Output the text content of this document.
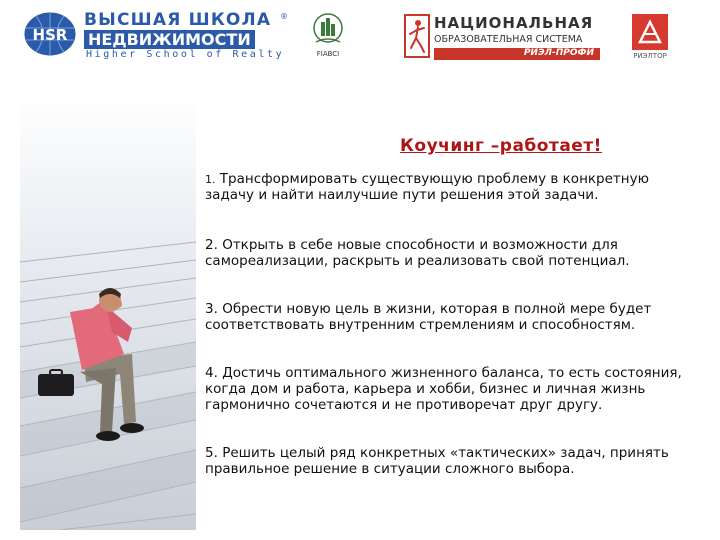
HSR
ВЫСШАЯ ШКОЛА
НЕДВИЖИМОСТИ
Higher School of Realty
®
FIABCI
НАЦИОНАЛЬНАЯ
ОБРАЗОВАТЕЛЬНАЯ СИСТЕМА
РИЭЛ-ПРОФИ	РИЭЛТОР
Коучинг –работает!
1. Трансформировать существующую проблему в конкретную задачу и найти наилучшие пути решения этой задачи.
2. Открыть в себе новые способности и возможности для самореализации, раскрыть и реализовать свой потенциал.
3. Обрести новую цель в жизни, которая в полной мере будет соответствовать внутренним стремлениям и способностям.
4. Достичь оптимального жизненного баланса, то есть состояния, когда дом и работа, карьера и хобби, бизнес и личная жизнь гармонично сочетаются и не противоречат друг другу.
5. Решить целый ряд конкретных «тактических» задач, принять правильное решение в ситуации сложного выбора.
